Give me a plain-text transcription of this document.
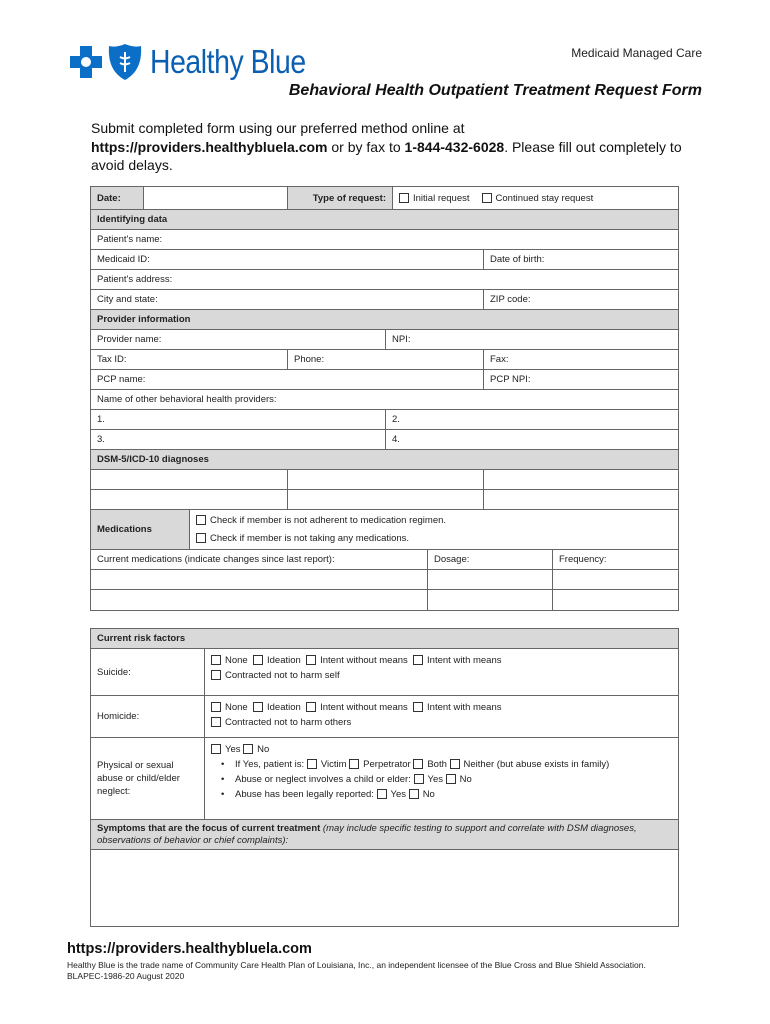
Healthy Blue	Medicaid Managed Care
Behavioral Health Outpatient Treatment Request Form
Submit completed form using our preferred method online at
https://providers.healthybluela.com or by fax to 1-844-432-6028. Please fill out completely to avoid delays.
Date:	Type of request:	Initial request	Continued stay request
Identifying data
Patient's name:
Medicaid ID:	Date of birth:
Patient's address:
City and state:	ZIP code:
Provider information
Provider name:	NPI:
Tax ID:	Phone:	Fax:
PCP name:	PCP NPI:
Name of other behavioral health providers:
1.	2.
3.	4.
DSM-5/ICD-10 diagnoses
Medications
Check if member is not adherent to medication regimen.
Check if member is not taking any medications.
Current medications (indicate changes since last report):	Dosage:	Frequency:
Current risk factors
Suicide:
None Ideation Intent without means Intent with means
Contracted not to harm self
Homicide:
None Ideation Intent without means Intent with means
Contracted not to harm others
Physical or sexual abuse or child/elder neglect:
Yes No
• If Yes, patient is: Victim Perpetrator Both Neither (but abuse exists in family)
• Abuse or neglect involves a child or elder: Yes No
• Abuse has been legally reported: Yes No
Symptoms that are the focus of current treatment (may include specific testing to support and correlate with DSM diagnoses, observations of behavior or chief complaints):
https://providers.healthybluela.com
Healthy Blue is the trade name of Community Care Health Plan of Louisiana, Inc., an independent licensee of the Blue Cross and Blue Shield Association.
BLAPEC-1986-20 August 2020
